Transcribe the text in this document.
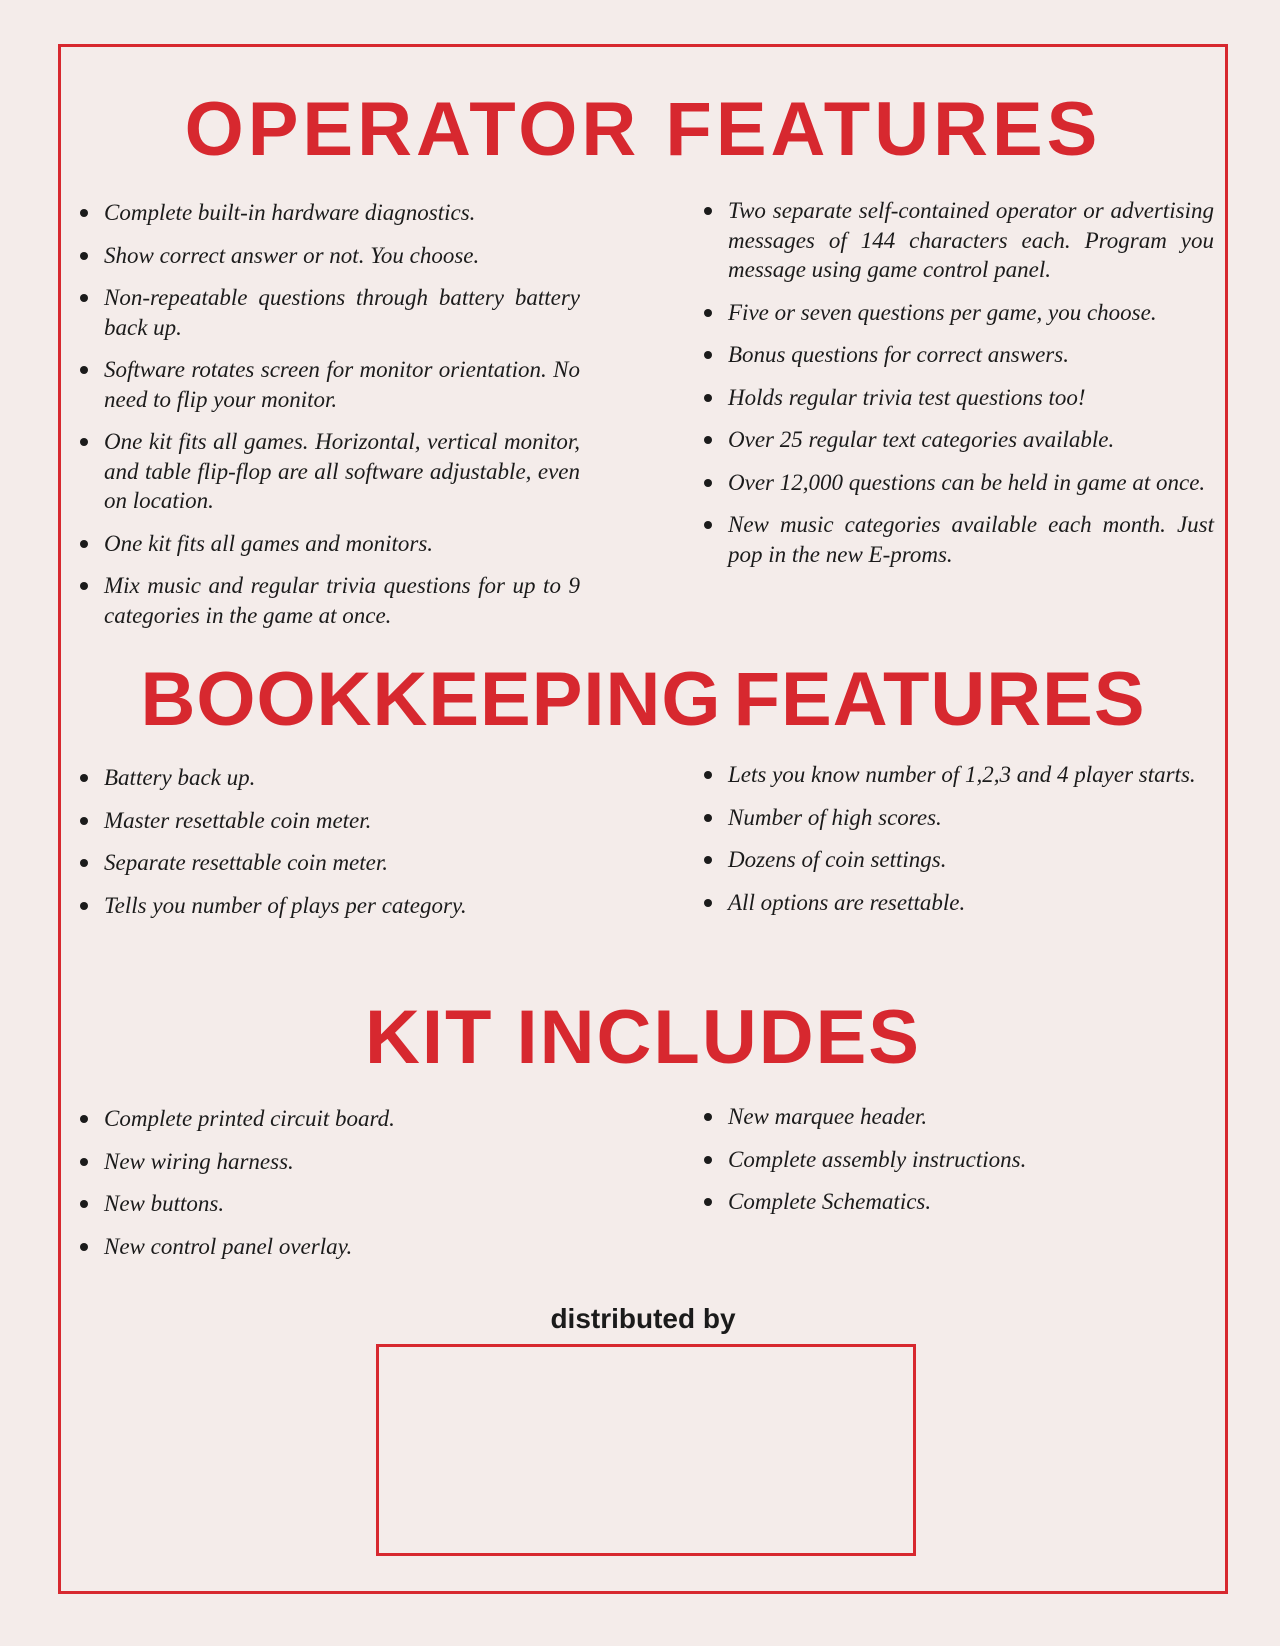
OPERATOR FEATURES
Complete built-in hardware diagnostics.
Show correct answer or not. You choose.
Non-repeatable questions through battery battery back up.
Software rotates screen for monitor orientation. No need to flip your monitor.
One kit fits all games. Horizontal, vertical monitor, and table flip-flop are all software adjustable, even on location.
One kit fits all games and monitors.
Mix music and regular trivia questions for up to 9 categories in the game at once.
Two separate self-contained operator or advertising messages of 144 characters each. Program you message using game control panel.
Five or seven questions per game, you choose.
Bonus questions for correct answers.
Holds regular trivia test questions too!
Over 25 regular text categories available.
Over 12,000 questions can be held in game at once.
New music categories available each month. Just pop in the new E-proms.
BOOKKEEPING FEATURES
Battery back up.
Master resettable coin meter.
Separate resettable coin meter.
Tells you number of plays per category.
Lets you know number of 1,2,3 and 4 player starts.
Number of high scores.
Dozens of coin settings.
All options are resettable.
KIT INCLUDES
Complete printed circuit board.
New wiring harness.
New buttons.
New control panel overlay.
New marquee header.
Complete assembly instructions.
Complete Schematics.
distributed by
